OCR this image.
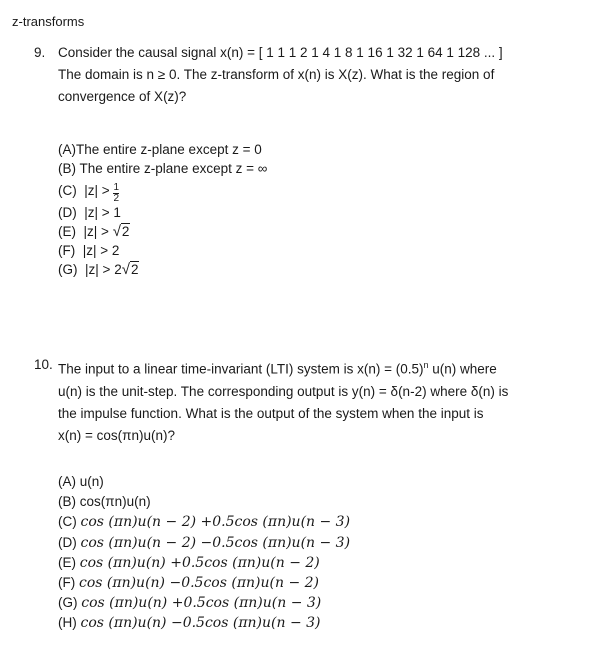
z-transforms
9. Consider the causal signal x(n) = [ 1 1 1 2 1 4 1 8 1 16 1 32 1 64 1 128 ... ]
The domain is n ≥ 0. The z-transform of x(n) is X(z). What is the region of
convergence of X(z)?
(A)The entire z-plane except z = 0
(B) The entire z-plane except z = ∞
(C) $|z| > \frac{1}{2}$
(D) |z| > 1
(E) |z| > √2
(F) |z| > 2
(G) |z| > 2√2
10. The input to a linear time-invariant (LTI) system is $x(n) = (0.5)^n$ u(n) where
u(n) is the unit-step. The corresponding output is y(n) = δ(n-2) where δ(n) is
the impulse function. What is the output of the system when the input is
x(n) = cos(πn)u(n)?
(A) u(n)
(B) cos(πn)u(n)
(C) cos (πn)u(n − 2) +0.5cos (πn)u(n − 3)
(D) cos (πn)u(n − 2) −0.5cos (πn)u(n − 3)
(E) cos (πn)u(n) +0.5cos (πn)u(n − 2)
(F) cos (πn)u(n) −0.5cos (πn)u(n − 2)
(G) cos (πn)u(n) +0.5cos (πn)u(n − 3)
(H) cos (πn)u(n) −0.5cos (πn)u(n − 3)
